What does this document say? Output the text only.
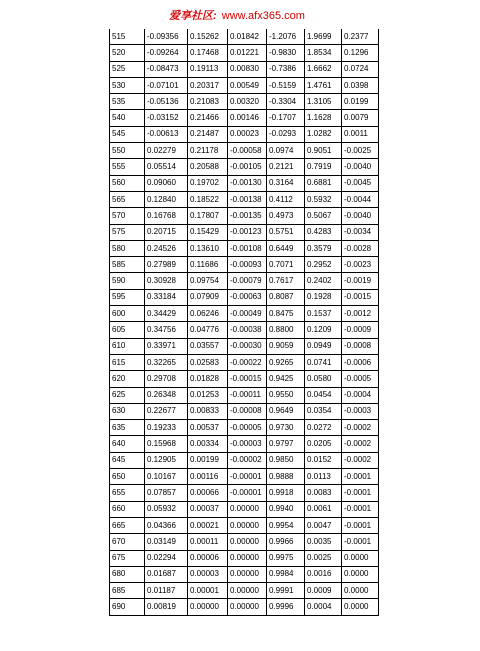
爱享社区: www.afx365.com
515	-0.09356	0.15262	0.01842	-1.2076	1.9699	0.2377
520	-0.09264	0.17468	0.01221	-0.9830	1.8534	0.1296
525	-0.08473	0.19113	0.00830	-0.7386	1.6662	0.0724
530	-0.07101	0.20317	0.00549	-0.5159	1.4761	0.0398
535	-0.05136	0.21083	0.00320	-0.3304	1.3105	0.0199
540	-0.03152	0.21466	0.00146	-0.1707	1.1628	0.0079
545	-0.00613	0.21487	0.00023	-0.0293	1.0282	0.0011
550	0.02279	0.21178	-0.00058	0.0974	0.9051	-0.0025
555	0.05514	0.20588	-0.00105	0.2121	0.7919	-0.0040
560	0.09060	0.19702	-0.00130	0.3164	0.6881	-0.0045
565	0.12840	0.18522	-0.00138	0.4112	0.5932	-0.0044
570	0.16768	0.17807	-0.00135	0.4973	0.5067	-0.0040
575	0.20715	0.15429	-0.00123	0.5751	0.4283	-0.0034
580	0.24526	0.13610	-0.00108	0.6449	0.3579	-0.0028
585	0.27989	0.11686	-0.00093	0.7071	0.2952	-0.0023
590	0.30928	0.09754	-0.00079	0.7617	0.2402	-0.0019
595	0.33184	0.07909	-0.00063	0.8087	0.1928	-0.0015
600	0.34429	0.06246	-0.00049	0.8475	0.1537	-0.0012
605	0.34756	0.04776	-0.00038	0.8800	0.1209	-0.0009
610	0.33971	0.03557	-0.00030	0.9059	0.0949	-0.0008
615	0.32265	0.02583	-0.00022	0.9265	0.0741	-0.0006
620	0.29708	0.01828	-0.00015	0.9425	0.0580	-0.0005
625	0.26348	0.01253	-0.00011	0.9550	0.0454	-0.0004
630	0.22677	0.00833	-0.00008	0.9649	0.0354	-0.0003
635	0.19233	0.00537	-0.00005	0.9730	0.0272	-0.0002
640	0.15968	0.00334	-0.00003	0.9797	0.0205	-0.0002
645	0.12905	0.00199	-0.00002	0.9850	0.0152	-0.0002
650	0.10167	0.00116	-0.00001	0.9888	0.0113	-0.0001
655	0.07857	0.00066	-0.00001	0.9918	0.0083	-0.0001
660	0.05932	0.00037	0.00000	0.9940	0.0061	-0.0001
665	0.04366	0.00021	0.00000	0.9954	0.0047	-0.0001
670	0.03149	0.00011	0.00000	0.9966	0.0035	-0.0001
675	0.02294	0.00006	0.00000	0.9975	0.0025	0.0000
680	0.01687	0.00003	0.00000	0.9984	0.0016	0.0000
685	0.01187	0.00001	0.00000	0.9991	0.0009	0.0000
690	0.00819	0.00000	0.00000	0.9996	0.0004	0.0000
